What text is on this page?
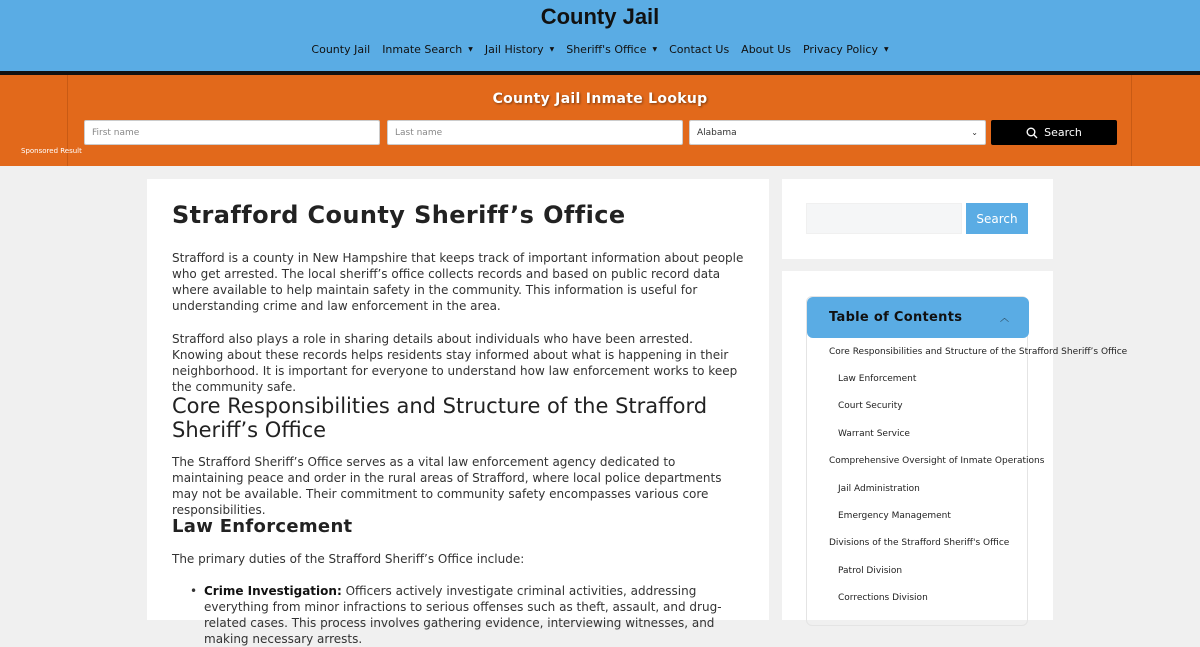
County Jail
County Jail Inmate Search ▼ Jail History ▼ Sheriff's Office ▼ Contact Us About Us Privacy Policy ▼
County Jail Inmate Lookup
First name	Last name	Alabama	⌄	Search
Sponsored Result
Strafford County Sheriff’s Office

Strafford is a county in New Hampshire that keeps track of important information about people who get arrested. The local sheriff’s office collects records and based on public record data where available to help maintain safety in the community. This information is useful for understanding crime and law enforcement in the area.

Strafford also plays a role in sharing details about individuals who have been arrested. Knowing about these records helps residents stay informed about what is happening in their neighborhood. It is important for everyone to understand how law enforcement works to keep the community safe.

Core Responsibilities and Structure of the Strafford Sheriff’s Office

The Strafford Sheriff’s Office serves as a vital law enforcement agency dedicated to maintaining peace and order in the rural areas of Strafford, where local police departments may not be available. Their commitment to community safety encompasses various core responsibilities.

Law Enforcement

The primary duties of the Strafford Sheriff’s Office include:

• Crime Investigation: Officers actively investigate criminal activities, addressing everything from minor infractions to serious offenses such as theft, assault, and drug-related cases. This process involves gathering evidence, interviewing witnesses, and making necessary arrests.
Search
Table of Contents	︿
Core Responsibilities and Structure of the Strafford Sheriff’s Office
Law Enforcement
Court Security
Warrant Service
Comprehensive Oversight of Inmate Operations
Jail Administration
Emergency Management
Divisions of the Strafford Sheriff's Office
Patrol Division
Corrections Division
